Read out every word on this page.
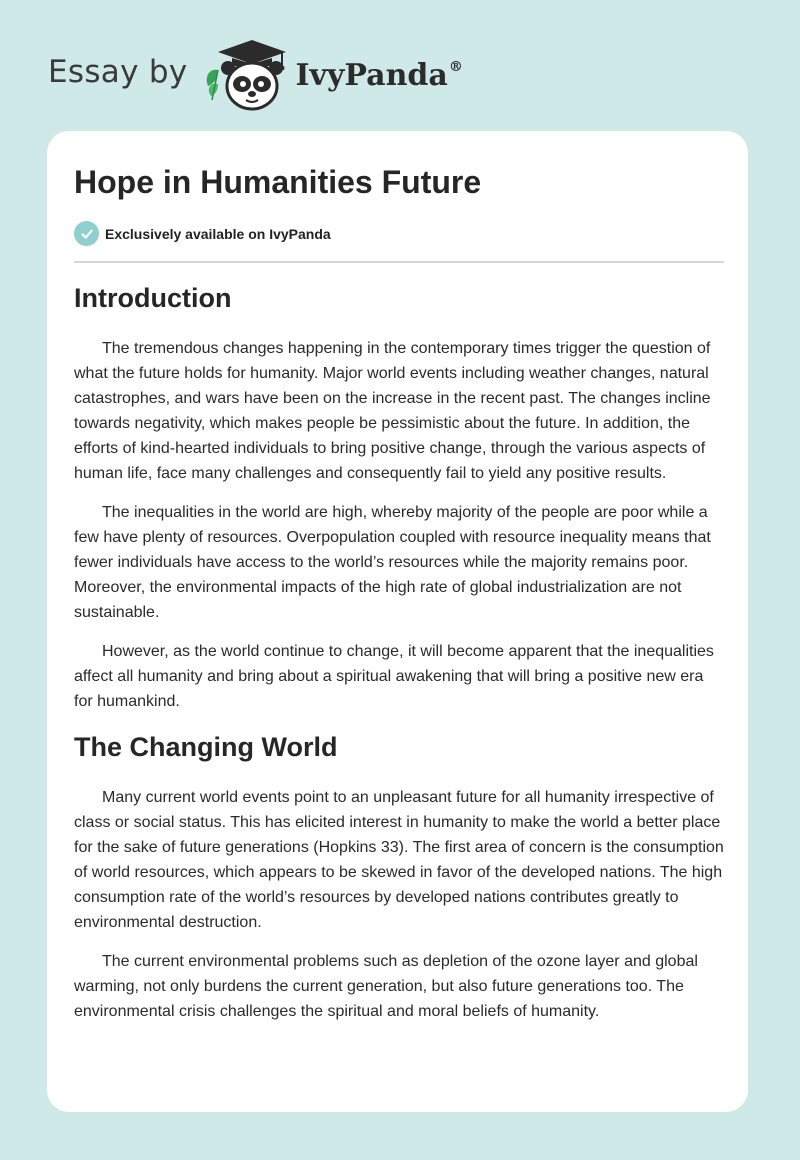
Essay by	IvyPanda®
Hope in Humanities Future
Exclusively available on IvyPanda
Introduction

The tremendous changes happening in the contemporary times trigger the question of what the future holds for humanity. Major world events including weather changes, natural catastrophes, and wars have been on the increase in the recent past. The changes incline towards negativity, which makes people be pessimistic about the future. In addition, the efforts of kind-hearted individuals to bring positive change, through the various aspects of human life, face many challenges and consequently fail to yield any positive results.

The inequalities in the world are high, whereby majority of the people are poor while a few have plenty of resources. Overpopulation coupled with resource inequality means that fewer individuals have access to the world’s resources while the majority remains poor. Moreover, the environmental impacts of the high rate of global industrialization are not sustainable.

However, as the world continue to change, it will become apparent that the inequalities affect all humanity and bring about a spiritual awakening that will bring a positive new era for humankind.

The Changing World

Many current world events point to an unpleasant future for all humanity irrespective of class or social status. This has elicited interest in humanity to make the world a better place for the sake of future generations (Hopkins 33). The first area of concern is the consumption of world resources, which appears to be skewed in favor of the developed nations. The high consumption rate of the world’s resources by developed nations contributes greatly to environmental destruction.

The current environmental problems such as depletion of the ozone layer and global warming, not only burdens the current generation, but also future generations too. The environmental crisis challenges the spiritual and moral beliefs of humanity.
